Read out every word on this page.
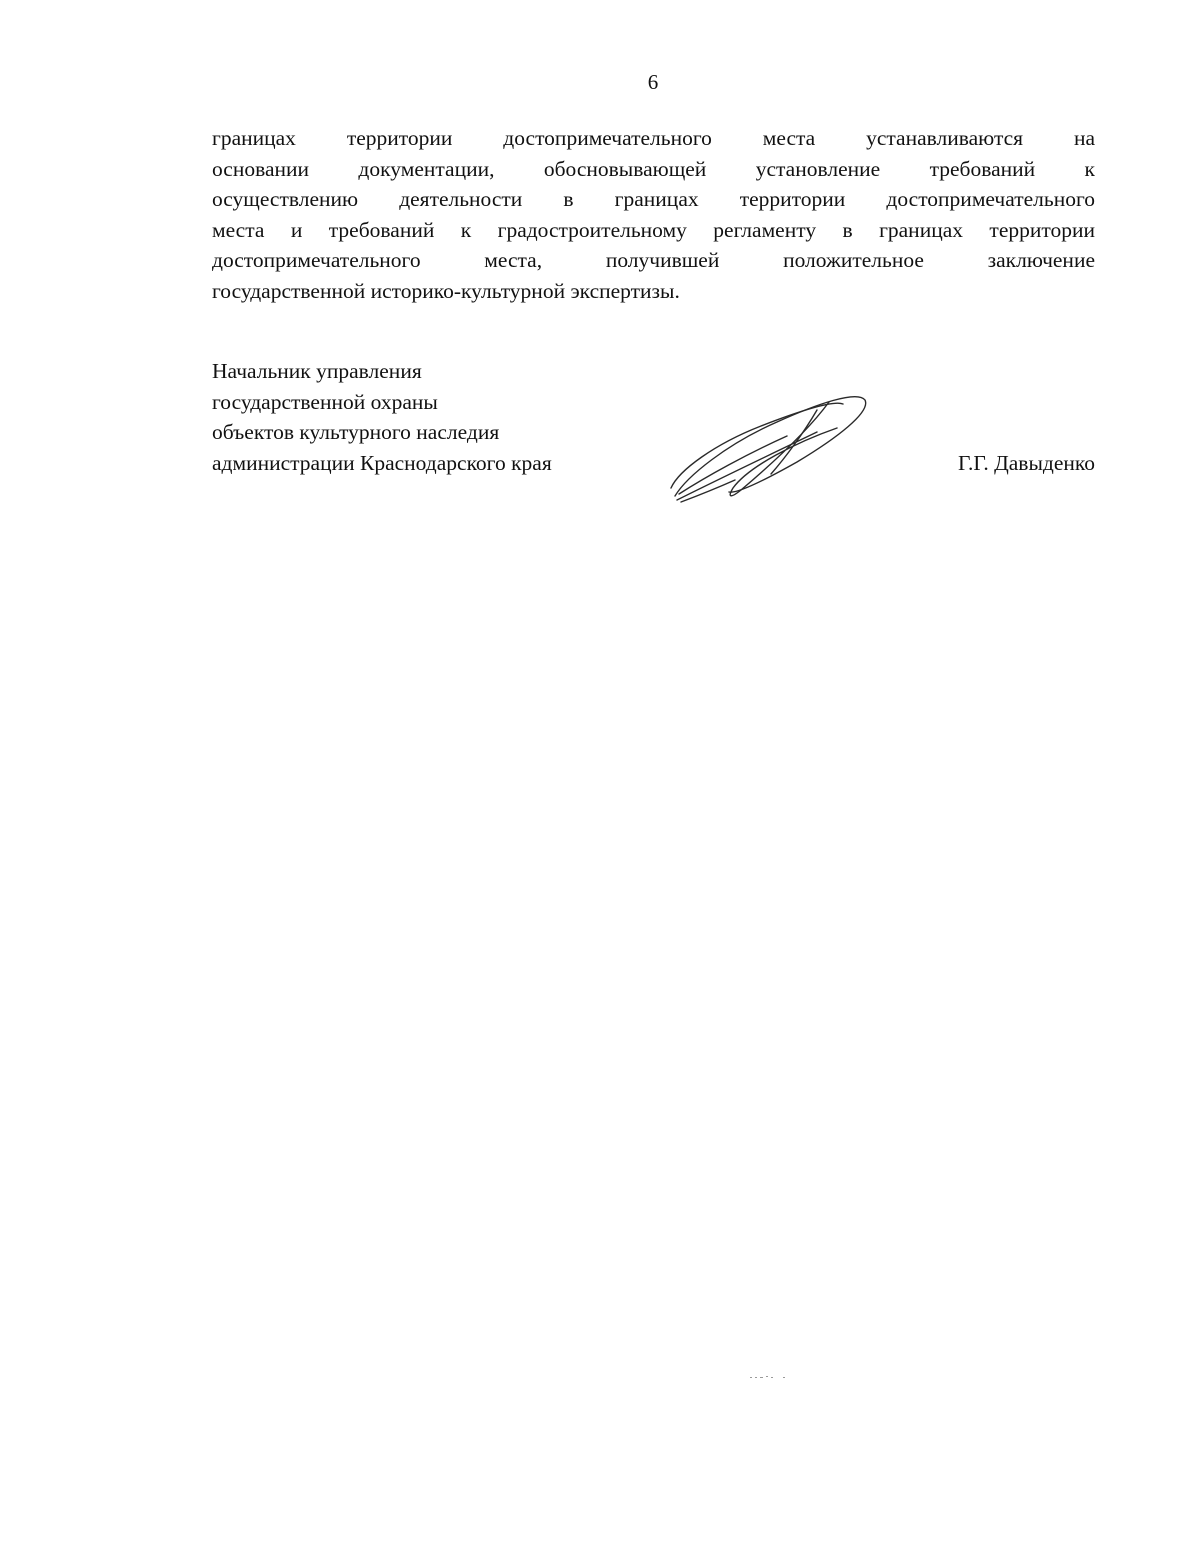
6

границах территории достопримечательного места устанавливаются на
основании документации, обосновывающей установление требований к
осуществлению деятельности в границах территории достопримечательного
места и требований к градостроительному регламенту в границах территории
достопримечательного места, получившей положительное заключение
государственной историко-культурной экспертизы.

Начальник управления
государственной охраны
объектов культурного наследия
администрации Краснодарского края	Г.Г. Давыденко
